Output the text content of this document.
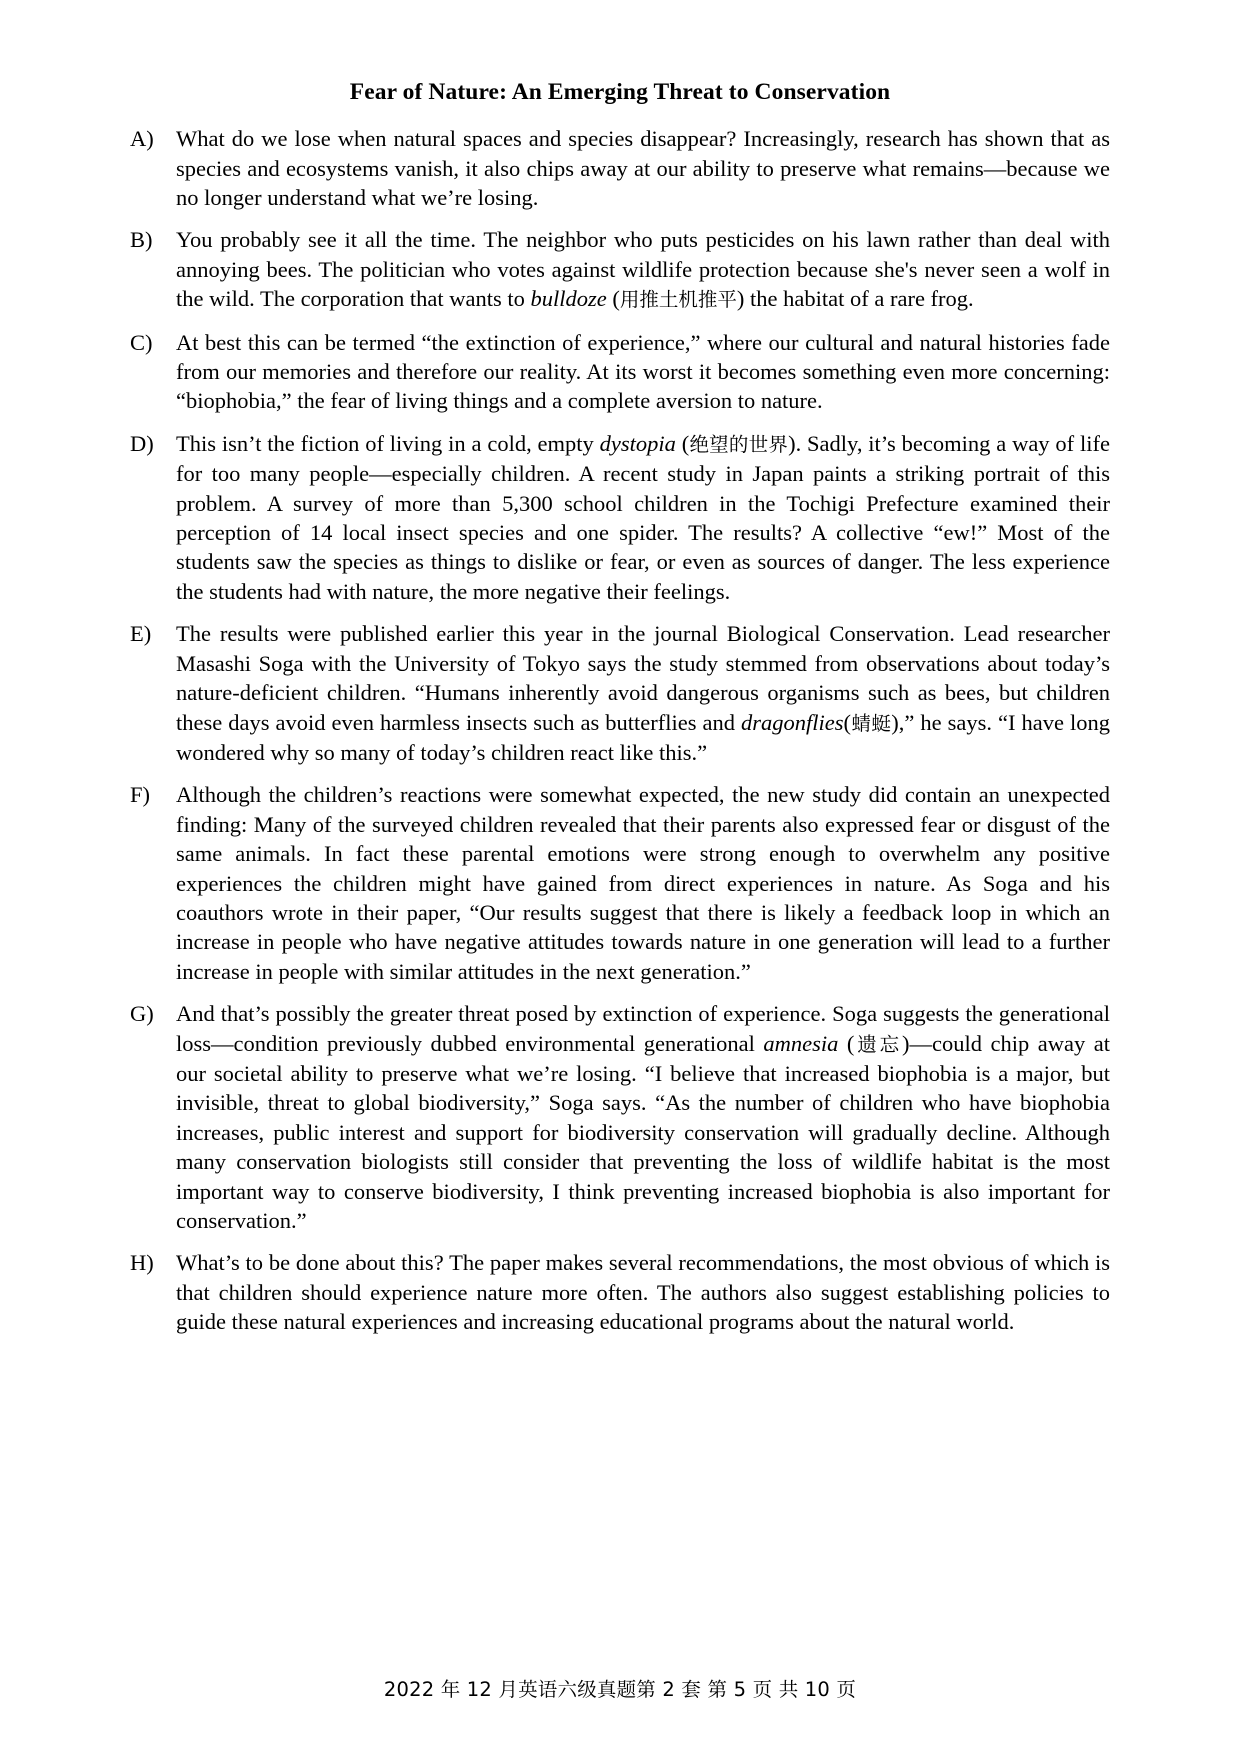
Fear of Nature: An Emerging Threat to Conservation
A) What do we lose when natural spaces and species disappear? Increasingly, research has shown that as species and ecosystems vanish, it also chips away at our ability to preserve what remains—because we no longer understand what we’re losing.
B)	You probably see it all the time. The neighbor who puts pesticides on his lawn rather than deal with annoying bees. The politician who votes against wildlife protection because she's never seen a wolf in the wild. The corporation that wants to bulldoze (用推土机推平) the habitat of a rare frog.
C)	At best this can be termed “the extinction of experience,” where our cultural and natural histories fade from our memories and therefore our reality. At its worst it becomes something even more concerning: “biophobia,” the fear of living things and a complete aversion to nature.
D) This isn’t the fiction of living in a cold, empty dystopia (绝望的世界). Sadly, it’s becoming a way of life for too many people—especially children. A recent study in Japan paints a striking portrait of this problem. A survey of more than 5,300 school children in the Tochigi Prefecture examined their perception of 14 local insect species and one spider. The results? A collective “ew!” Most of the students saw the species as things to dislike or fear, or even as sources of danger. The less experience the students had with nature, the more negative their feelings.
E)	The results were published earlier this year in the journal Biological Conservation. Lead researcher Masashi Soga with the University of Tokyo says the study stemmed from observations about today’s nature-deficient children. “Humans inherently avoid dangerous organisms such as bees, but children these days avoid even harmless insects such as butterflies and dragonflies(蜻蜓),” he says. “I have long wondered why so many of today’s children react like this.”
F)	Although the children’s reactions were somewhat expected, the new study did contain an unexpected finding: Many of the surveyed children revealed that their parents also expressed fear or disgust of the same animals. In fact these parental emotions were strong enough to overwhelm any positive experiences the children might have gained from direct experiences in nature. As Soga and his coauthors wrote in their paper, “Our results suggest that there is likely a feedback loop in which an increase in people who have negative attitudes towards nature in one generation will lead to a further increase in people with similar attitudes in the next generation.”
G) And that’s possibly the greater threat posed by extinction of experience. Soga suggests the generational loss—condition previously dubbed environmental generational amnesia (遗忘)—could chip away at our societal ability to preserve what we’re losing. “I believe that increased biophobia is a major, but invisible, threat to global biodiversity,” Soga says. “As the number of children who have biophobia increases, public interest and support for biodiversity conservation will gradually decline. Although many conservation biologists still consider that preventing the loss of wildlife habitat is the most important way to conserve biodiversity, I think preventing increased biophobia is also important for conservation.”
H) What’s to be done about this? The paper makes several recommendations, the most obvious of which is that children should experience nature more often. The authors also suggest establishing policies to guide these natural experiences and increasing educational programs about the natural world.
2022 年 12 月英语六级真题第 2 套 第 5 页 共 10 页
